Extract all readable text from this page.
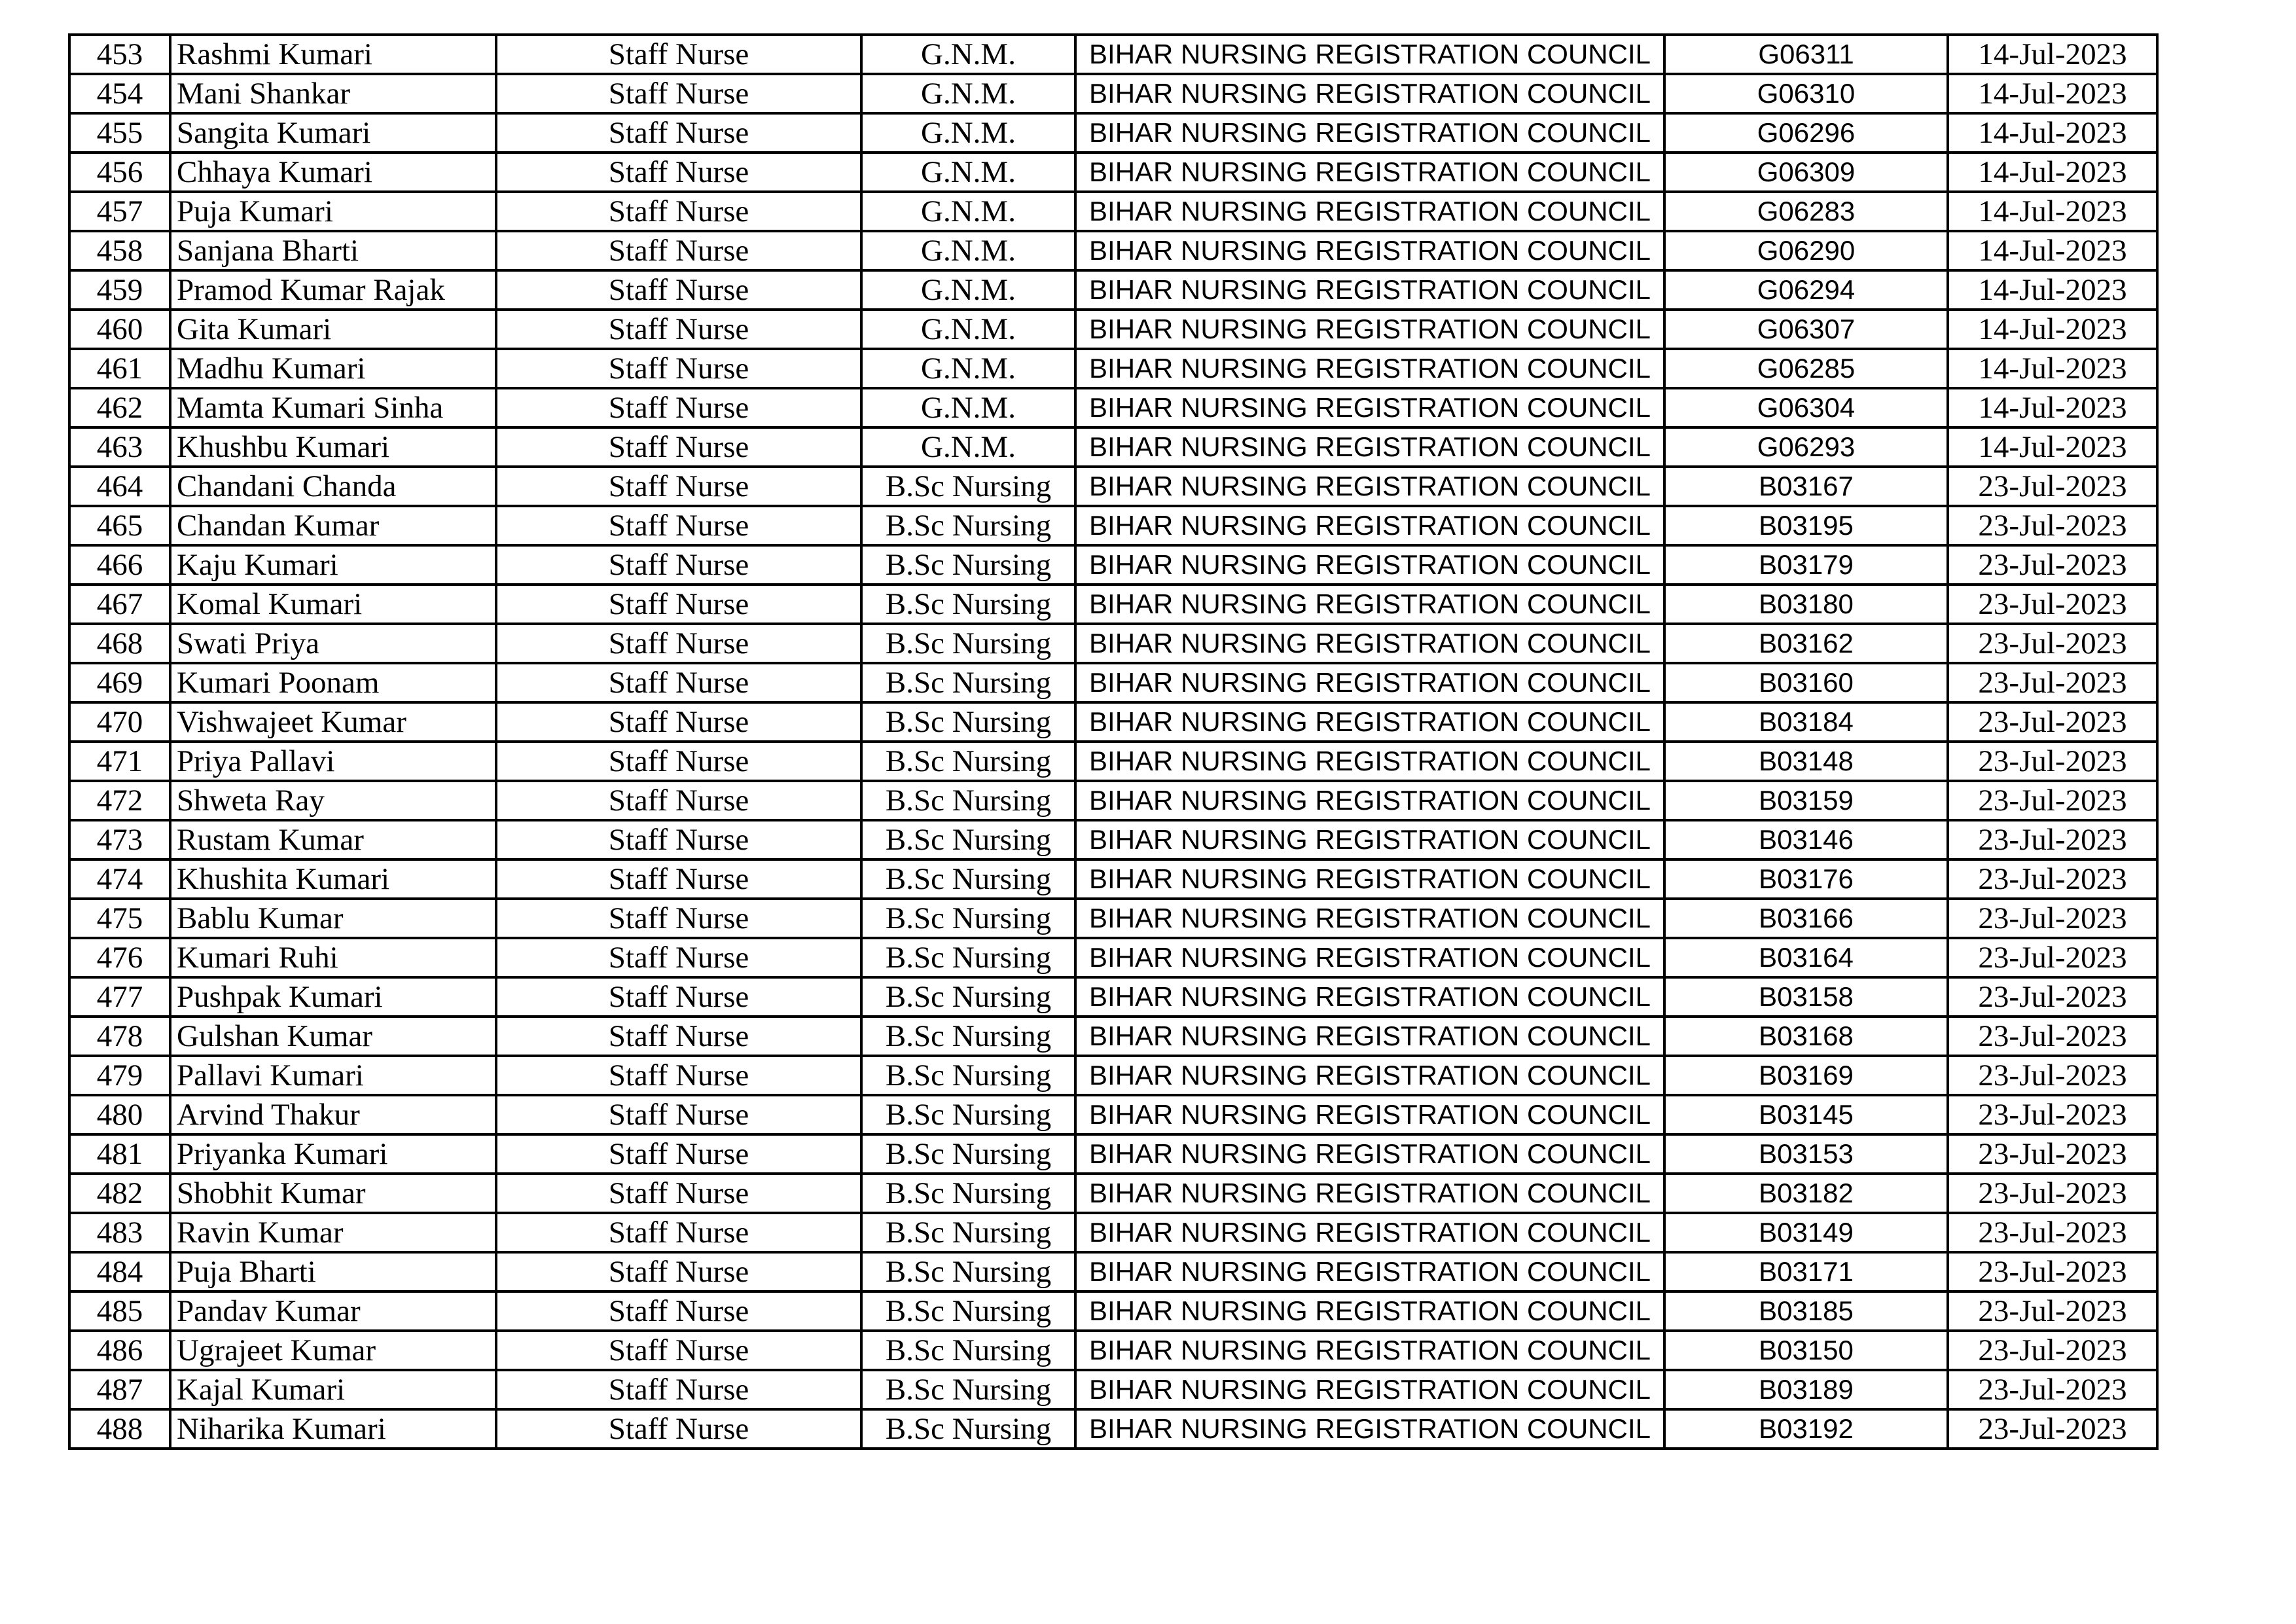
453	Rashmi Kumari	Staff Nurse	G.N.M.	BIHAR NURSING REGISTRATION COUNCIL	G06311	14-Jul-2023
454	Mani Shankar	Staff Nurse	G.N.M.	BIHAR NURSING REGISTRATION COUNCIL	G06310	14-Jul-2023
455	Sangita Kumari	Staff Nurse	G.N.M.	BIHAR NURSING REGISTRATION COUNCIL	G06296	14-Jul-2023
456	Chhaya Kumari	Staff Nurse	G.N.M.	BIHAR NURSING REGISTRATION COUNCIL	G06309	14-Jul-2023
457	Puja Kumari	Staff Nurse	G.N.M.	BIHAR NURSING REGISTRATION COUNCIL	G06283	14-Jul-2023
458	Sanjana Bharti	Staff Nurse	G.N.M.	BIHAR NURSING REGISTRATION COUNCIL	G06290	14-Jul-2023
459	Pramod Kumar Rajak	Staff Nurse	G.N.M.	BIHAR NURSING REGISTRATION COUNCIL	G06294	14-Jul-2023
460	Gita Kumari	Staff Nurse	G.N.M.	BIHAR NURSING REGISTRATION COUNCIL	G06307	14-Jul-2023
461	Madhu Kumari	Staff Nurse	G.N.M.	BIHAR NURSING REGISTRATION COUNCIL	G06285	14-Jul-2023
462	Mamta Kumari Sinha	Staff Nurse	G.N.M.	BIHAR NURSING REGISTRATION COUNCIL	G06304	14-Jul-2023
463	Khushbu Kumari	Staff Nurse	G.N.M.	BIHAR NURSING REGISTRATION COUNCIL	G06293	14-Jul-2023
464	Chandani Chanda	Staff Nurse	B.Sc Nursing	BIHAR NURSING REGISTRATION COUNCIL	B03167	23-Jul-2023
465	Chandan Kumar	Staff Nurse	B.Sc Nursing	BIHAR NURSING REGISTRATION COUNCIL	B03195	23-Jul-2023
466	Kaju Kumari	Staff Nurse	B.Sc Nursing	BIHAR NURSING REGISTRATION COUNCIL	B03179	23-Jul-2023
467	Komal Kumari	Staff Nurse	B.Sc Nursing	BIHAR NURSING REGISTRATION COUNCIL	B03180	23-Jul-2023
468	Swati Priya	Staff Nurse	B.Sc Nursing	BIHAR NURSING REGISTRATION COUNCIL	B03162	23-Jul-2023
469	Kumari Poonam	Staff Nurse	B.Sc Nursing	BIHAR NURSING REGISTRATION COUNCIL	B03160	23-Jul-2023
470	Vishwajeet Kumar	Staff Nurse	B.Sc Nursing	BIHAR NURSING REGISTRATION COUNCIL	B03184	23-Jul-2023
471	Priya Pallavi	Staff Nurse	B.Sc Nursing	BIHAR NURSING REGISTRATION COUNCIL	B03148	23-Jul-2023
472	Shweta Ray	Staff Nurse	B.Sc Nursing	BIHAR NURSING REGISTRATION COUNCIL	B03159	23-Jul-2023
473	Rustam Kumar	Staff Nurse	B.Sc Nursing	BIHAR NURSING REGISTRATION COUNCIL	B03146	23-Jul-2023
474	Khushita Kumari	Staff Nurse	B.Sc Nursing	BIHAR NURSING REGISTRATION COUNCIL	B03176	23-Jul-2023
475	Bablu Kumar	Staff Nurse	B.Sc Nursing	BIHAR NURSING REGISTRATION COUNCIL	B03166	23-Jul-2023
476	Kumari Ruhi	Staff Nurse	B.Sc Nursing	BIHAR NURSING REGISTRATION COUNCIL	B03164	23-Jul-2023
477	Pushpak Kumari	Staff Nurse	B.Sc Nursing	BIHAR NURSING REGISTRATION COUNCIL	B03158	23-Jul-2023
478	Gulshan Kumar	Staff Nurse	B.Sc Nursing	BIHAR NURSING REGISTRATION COUNCIL	B03168	23-Jul-2023
479	Pallavi Kumari	Staff Nurse	B.Sc Nursing	BIHAR NURSING REGISTRATION COUNCIL	B03169	23-Jul-2023
480	Arvind Thakur	Staff Nurse	B.Sc Nursing	BIHAR NURSING REGISTRATION COUNCIL	B03145	23-Jul-2023
481	Priyanka Kumari	Staff Nurse	B.Sc Nursing	BIHAR NURSING REGISTRATION COUNCIL	B03153	23-Jul-2023
482	Shobhit Kumar	Staff Nurse	B.Sc Nursing	BIHAR NURSING REGISTRATION COUNCIL	B03182	23-Jul-2023
483	Ravin Kumar	Staff Nurse	B.Sc Nursing	BIHAR NURSING REGISTRATION COUNCIL	B03149	23-Jul-2023
484	Puja Bharti	Staff Nurse	B.Sc Nursing	BIHAR NURSING REGISTRATION COUNCIL	B03171	23-Jul-2023
485	Pandav Kumar	Staff Nurse	B.Sc Nursing	BIHAR NURSING REGISTRATION COUNCIL	B03185	23-Jul-2023
486	Ugrajeet Kumar	Staff Nurse	B.Sc Nursing	BIHAR NURSING REGISTRATION COUNCIL	B03150	23-Jul-2023
487	Kajal Kumari	Staff Nurse	B.Sc Nursing	BIHAR NURSING REGISTRATION COUNCIL	B03189	23-Jul-2023
488	Niharika Kumari	Staff Nurse	B.Sc Nursing	BIHAR NURSING REGISTRATION COUNCIL	B03192	23-Jul-2023
